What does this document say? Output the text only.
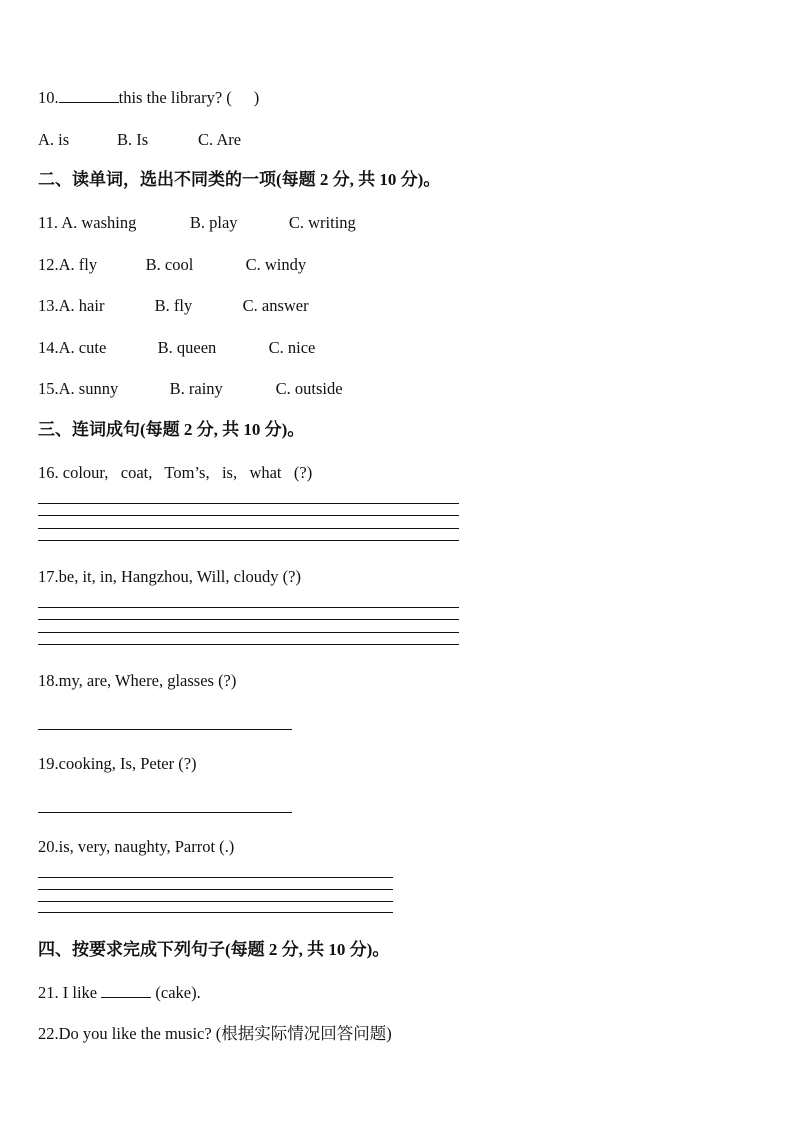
10.	this the library? ( )
A. is	B. Is	C. Are
二、读单词，选出不同类的一项(每题 2 分, 共 10 分)。
11. A. washing	B. play	C. writing
12.A. fly	B. cool	C. windy
13.A. hair	B. fly	C. answer
14.A. cute	B. queen	C. nice
15.A. sunny	B. rainy	C. outside
三、连词成句(每题 2 分, 共 10 分)。
16. colour,   coat,   Tom’s,   is,   what   (?)
17.be, it, in, Hangzhou, Will, cloudy (?)
18.my, are, Where, glasses (?)
19.cooking, Is, Peter (?)
20.is, very, naughty, Parrot (.)
四、按要求完成下列句子(每题 2 分, 共 10 分)。
21. I like	(cake).
22.Do you like the music? (根据实际情况回答问题)
